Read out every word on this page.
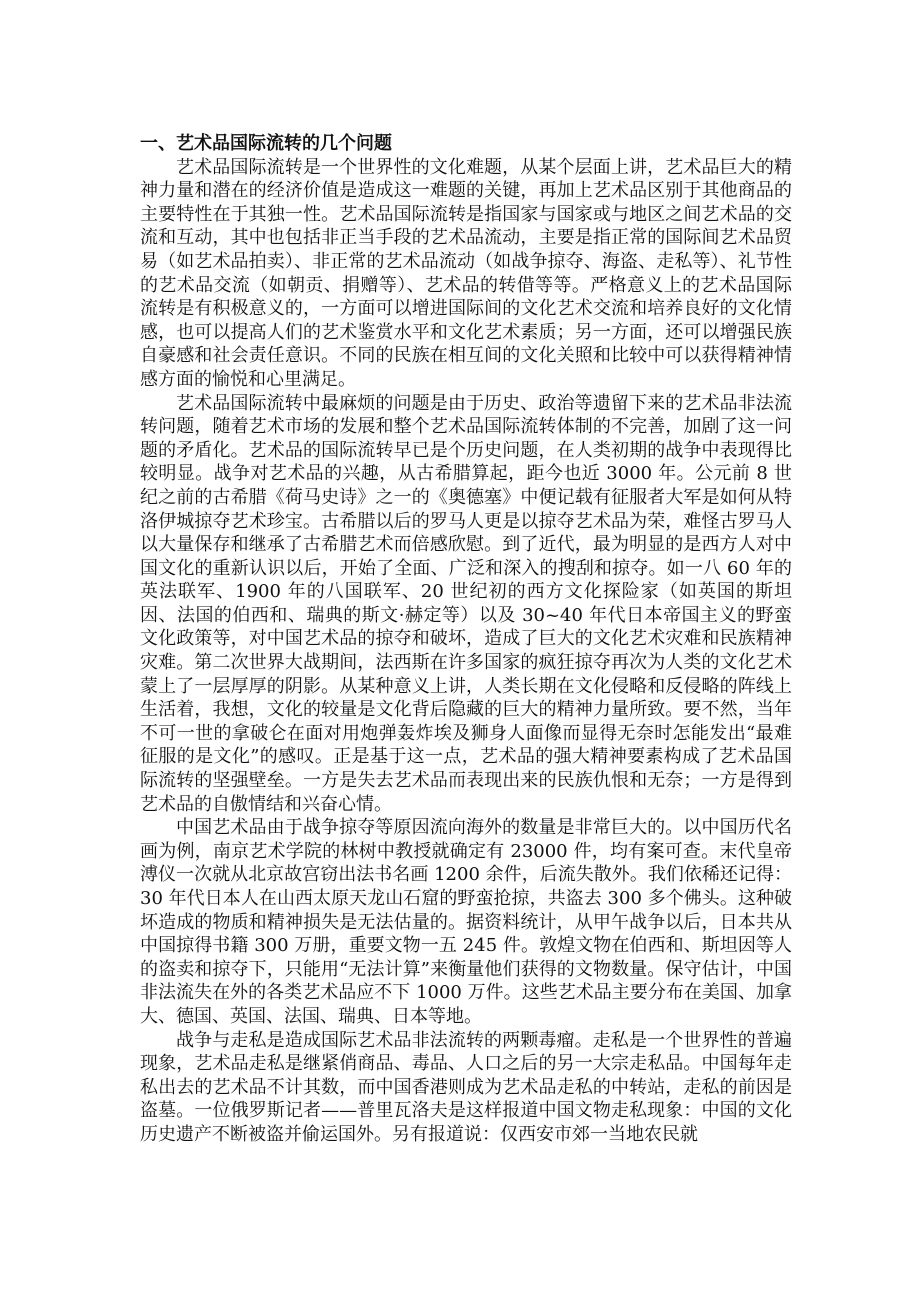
一、艺术品国际流转的几个问题

艺术品国际流转是一个世界性的文化难题，从某个层面上讲，艺术品巨大的精神力量和潜在的经济价值是造成这一难题的关键，再加上艺术品区别于其他商品的主要特性在于其独一性。艺术品国际流转是指国家与国家或与地区之间艺术品的交流和互动，其中也包括非正当手段的艺术品流动，主要是指正常的国际间艺术品贸易（如艺术品拍卖）、非正常的艺术品流动（如战争掠夺、海盗、走私等）、礼节性的艺术品交流（如朝贡、捐赠等）、艺术品的转借等等。严格意义上的艺术品国际流转是有积极意义的，一方面可以增进国际间的文化艺术交流和培养良好的文化情感，也可以提高人们的艺术鉴赏水平和文化艺术素质；另一方面，还可以增强民族自豪感和社会责任意识。不同的民族在相互间的文化关照和比较中可以获得精神情感方面的愉悦和心里满足。

艺术品国际流转中最麻烦的问题是由于历史、政治等遗留下来的艺术品非法流转问题，随着艺术市场的发展和整个艺术品国际流转体制的不完善，加剧了这一问题的矛盾化。艺术品的国际流转早已是个历史问题，在人类初期的战争中表现得比较明显。战争对艺术品的兴趣，从古希腊算起，距今也近 3000 年。公元前 8 世纪之前的古希腊《荷马史诗》之一的《奥德塞》中便记载有征服者大军是如何从特洛伊城掠夺艺术珍宝。古希腊以后的罗马人更是以掠夺艺术品为荣，难怪古罗马人以大量保存和继承了古希腊艺术而倍感欣慰。到了近代，最为明显的是西方人对中国文化的重新认识以后，开始了全面、广泛和深入的搜刮和掠夺。如一八 60 年的英法联军、1900 年的八国联军、20 世纪初的西方文化探险家（如英国的斯坦因、法国的伯西和、瑞典的斯文·赫定等）以及 30~40 年代日本帝国主义的野蛮文化政策等，对中国艺术品的掠夺和破坏，造成了巨大的文化艺术灾难和民族精神灾难。第二次世界大战期间，法西斯在许多国家的疯狂掠夺再次为人类的文化艺术蒙上了一层厚厚的阴影。从某种意义上讲，人类长期在文化侵略和反侵略的阵线上生活着，我想，文化的较量是文化背后隐藏的巨大的精神力量所致。要不然，当年不可一世的拿破仑在面对用炮弹轰炸埃及狮身人面像而显得无奈时怎能发出“最难征服的是文化”的感叹。正是基于这一点，艺术品的强大精神要素构成了艺术品国际流转的坚强壁垒。一方是失去艺术品而表现出来的民族仇恨和无奈；一方是得到艺术品的自傲情结和兴奋心情。

中国艺术品由于战争掠夺等原因流向海外的数量是非常巨大的。以中国历代名画为例，南京艺术学院的林树中教授就确定有 23000 件，均有案可查。末代皇帝溥仪一次就从北京故宫窃出法书名画 1200 余件，后流失散外。我们依稀还记得：30 年代日本人在山西太原天龙山石窟的野蛮抢掠，共盗去 300 多个佛头。这种破坏造成的物质和精神损失是无法估量的。据资料统计，从甲午战争以后，日本共从中国掠得书籍 300 万册，重要文物一五 245 件。敦煌文物在伯西和、斯坦因等人的盗卖和掠夺下，只能用“无法计算”来衡量他们获得的文物数量。保守估计，中国非法流失在外的各类艺术品应不下 1000 万件。这些艺术品主要分布在美国、加拿大、德国、英国、法国、瑞典、日本等地。

战争与走私是造成国际艺术品非法流转的两颗毒瘤。走私是一个世界性的普遍现象，艺术品走私是继紧俏商品、毒品、人口之后的另一大宗走私品。中国每年走私出去的艺术品不计其数，而中国香港则成为艺术品走私的中转站，走私的前因是盗墓。一位俄罗斯记者——普里瓦洛夫是这样报道中国文物走私现象：中国的文化历史遗产不断被盗并偷运国外。另有报道说：仅西安市郊一当地农民就
